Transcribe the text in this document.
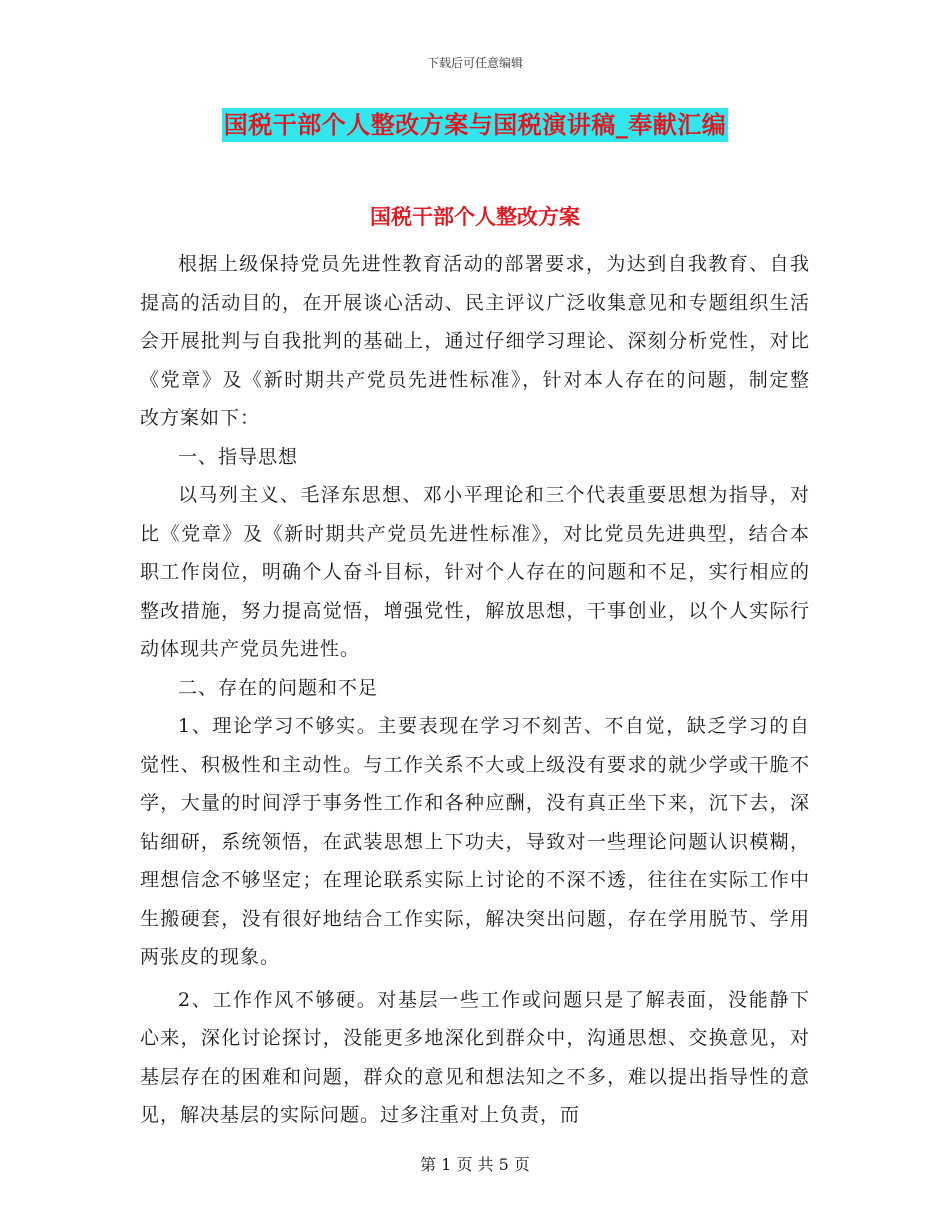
下载后可任意编辑
国税干部个人整改方案与国税演讲稿_奉献汇编
国税干部个人整改方案

根据上级保持党员先进性教育活动的部署要求，为达到自我教育、自我提高的活动目的，在开展谈心活动、民主评议广泛收集意见和专题组织生活会开展批判与自我批判的基础上，通过仔细学习理论、深刻分析党性，对比《党章》及《新时期共产党员先进性标准》，针对本人存在的问题，制定整改方案如下：

一、指导思想

以马列主义、毛泽东思想、邓小平理论和三个代表重要思想为指导，对比《党章》及《新时期共产党员先进性标准》，对比党员先进典型，结合本职工作岗位，明确个人奋斗目标，针对个人存在的问题和不足，实行相应的整改措施，努力提高觉悟，增强党性，解放思想，干事创业，以个人实际行动体现共产党员先进性。

二、存在的问题和不足

1、理论学习不够实。主要表现在学习不刻苦、不自觉，缺乏学习的自觉性、积极性和主动性。与工作关系不大或上级没有要求的就少学或干脆不学，大量的时间浮于事务性工作和各种应酬，没有真正坐下来，沉下去，深钻细研，系统领悟，在武装思想上下功夫，导致对一些理论问题认识模糊，理想信念不够坚定；在理论联系实际上讨论的不深不透，往往在实际工作中生搬硬套，没有很好地结合工作实际，解决突出问题，存在学用脱节、学用两张皮的现象。

2、工作作风不够硬。对基层一些工作或问题只是了解表面，没能静下心来，深化讨论探讨，没能更多地深化到群众中，沟通思想、交换意见，对基层存在的困难和问题，群众的意见和想法知之不多，难以提出指导性的意见，解决基层的实际问题。过多注重对上负责，而

第 1 页 共 5 页
